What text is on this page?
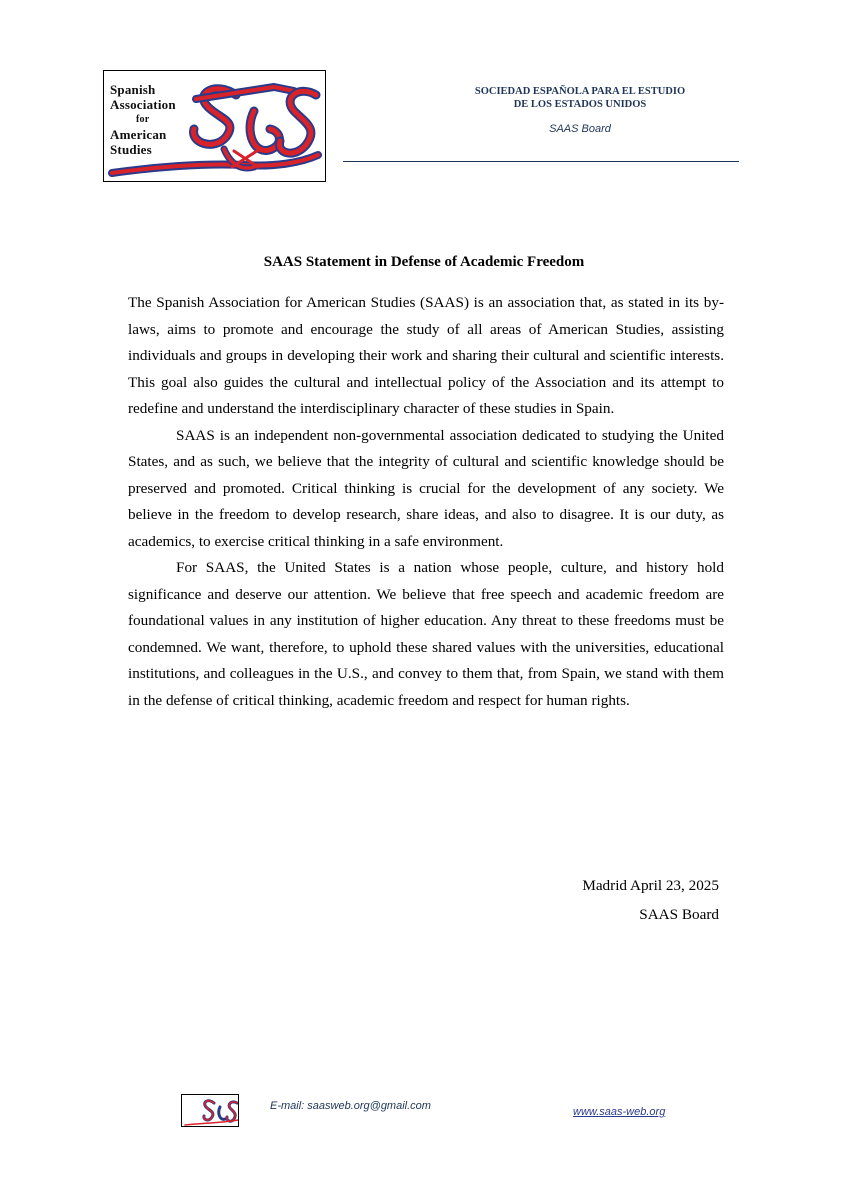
Spanish
Association
for
American
Studies
SOCIEDAD ESPAÑOLA PARA EL ESTUDIO
DE LOS ESTADOS UNIDOS
SAAS Board
SAAS Statement in Defense of Academic Freedom

The Spanish Association for American Studies (SAAS) is an association that, as stated in its by-laws, aims to promote and encourage the study of all areas of American Studies, assisting individuals and groups in developing their work and sharing their cultural and scientific interests. This goal also guides the cultural and intellectual policy of the Association and its attempt to redefine and understand the interdisciplinary character of these studies in Spain.

SAAS is an independent non-governmental association dedicated to studying the United States, and as such, we believe that the integrity of cultural and scientific knowledge should be preserved and promoted. Critical thinking is crucial for the development of any society. We believe in the freedom to develop research, share ideas, and also to disagree. It is our duty, as academics, to exercise critical thinking in a safe environment.

For SAAS, the United States is a nation whose people, culture, and history hold significance and deserve our attention. We believe that free speech and academic freedom are foundational values in any institution of higher education. Any threat to these freedoms must be condemned. We want, therefore, to uphold these shared values with the universities, educational institutions, and colleagues in the U.S., and convey to them that, from Spain, we stand with them in the defense of critical thinking, academic freedom and respect for human rights.

Madrid April 23, 2025
SAAS Board
E-mail: saasweb.org@gmail.com	www.saas-web.org
